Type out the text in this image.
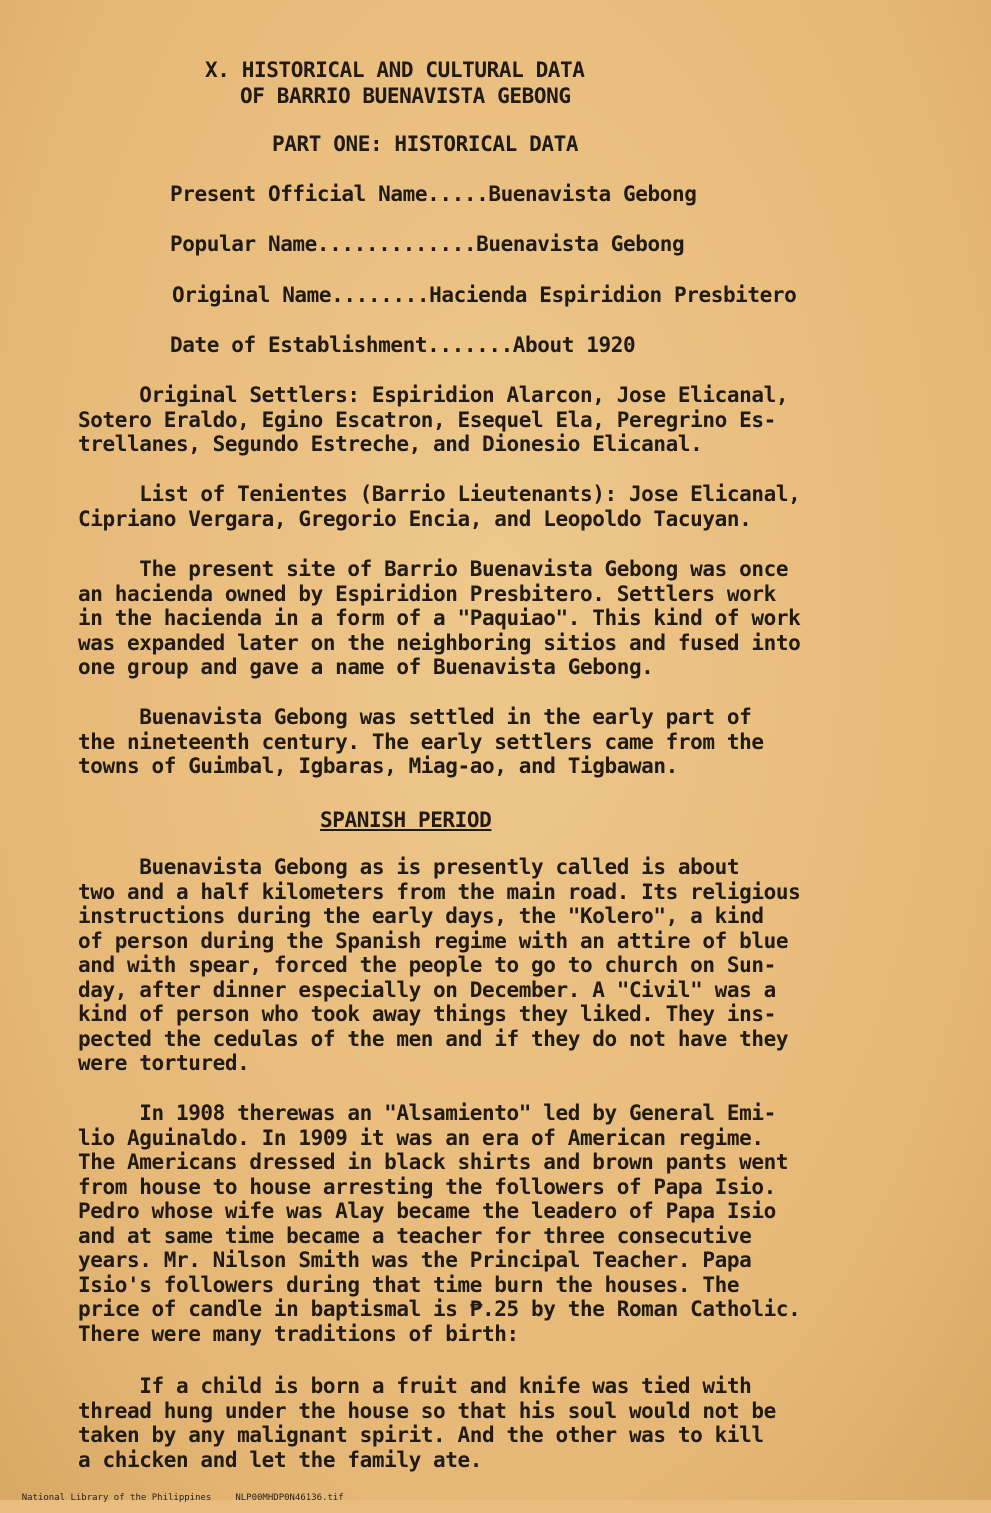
X. HISTORICAL AND CULTURAL DATA
OF BARRIO BUENAVISTA GEBONG
PART ONE: HISTORICAL DATA
Present Official Name.....Buenavista Gebong
Popular Name.............Buenavista Gebong
Original Name........Hacienda Espiridion Presbitero
Date of Establishment.......About 1920
Original Settlers: Espiridion Alarcon, Jose Elicanal,
Sotero Eraldo, Egino Escatron, Esequel Ela, Peregrino Es-
trellanes, Segundo Estreche, and Dionesio Elicanal.
List of Tenientes (Barrio Lieutenants): Jose Elicanal,
Cipriano Vergara, Gregorio Encia, and Leopoldo Tacuyan.
The present site of Barrio Buenavista Gebong was once
an hacienda owned by Espiridion Presbitero. Settlers work
in the hacienda in a form of a "Paquiao". This kind of work
was expanded later on the neighboring sitios and fused into
one group and gave a name of Buenavista Gebong.
Buenavista Gebong was settled in the early part of
the nineteenth century. The early settlers came from the
towns of Guimbal, Igbaras, Miag-ao, and Tigbawan.
SPANISH PERIOD
Buenavista Gebong as is presently called is about
two and a half kilometers from the main road. Its religious
instructions during the early days, the "Kolero", a kind
of person during the Spanish regime with an attire of blue
and with spear, forced the people to go to church on Sun-
day, after dinner especially on December. A "Civil" was a
kind of person who took away things they liked. They ins-
pected the cedulas of the men and if they do not have they
were tortured.
In 1908 therewas an "Alsamiento" led by General Emi-
lio Aguinaldo. In 1909 it was an era of American regime.
The Americans dressed in black shirts and brown pants went
from house to house arresting the followers of Papa Isio.
Pedro whose wife was Alay became the leadero of Papa Isio
and at same time became a teacher for three consecutive
years. Mr. Nilson Smith was the Principal Teacher. Papa
Isio's followers during that time burn the houses. The
price of candle in baptismal is ₱.25 by the Roman Catholic.
There were many traditions of birth:
If a child is born a fruit and knife was tied with
thread hung under the house so that his soul would not be
taken by any malignant spirit. And the other was to kill
a chicken and let the family ate.

National Library of the Philippines	NLP00MHDP0N46136.tif
